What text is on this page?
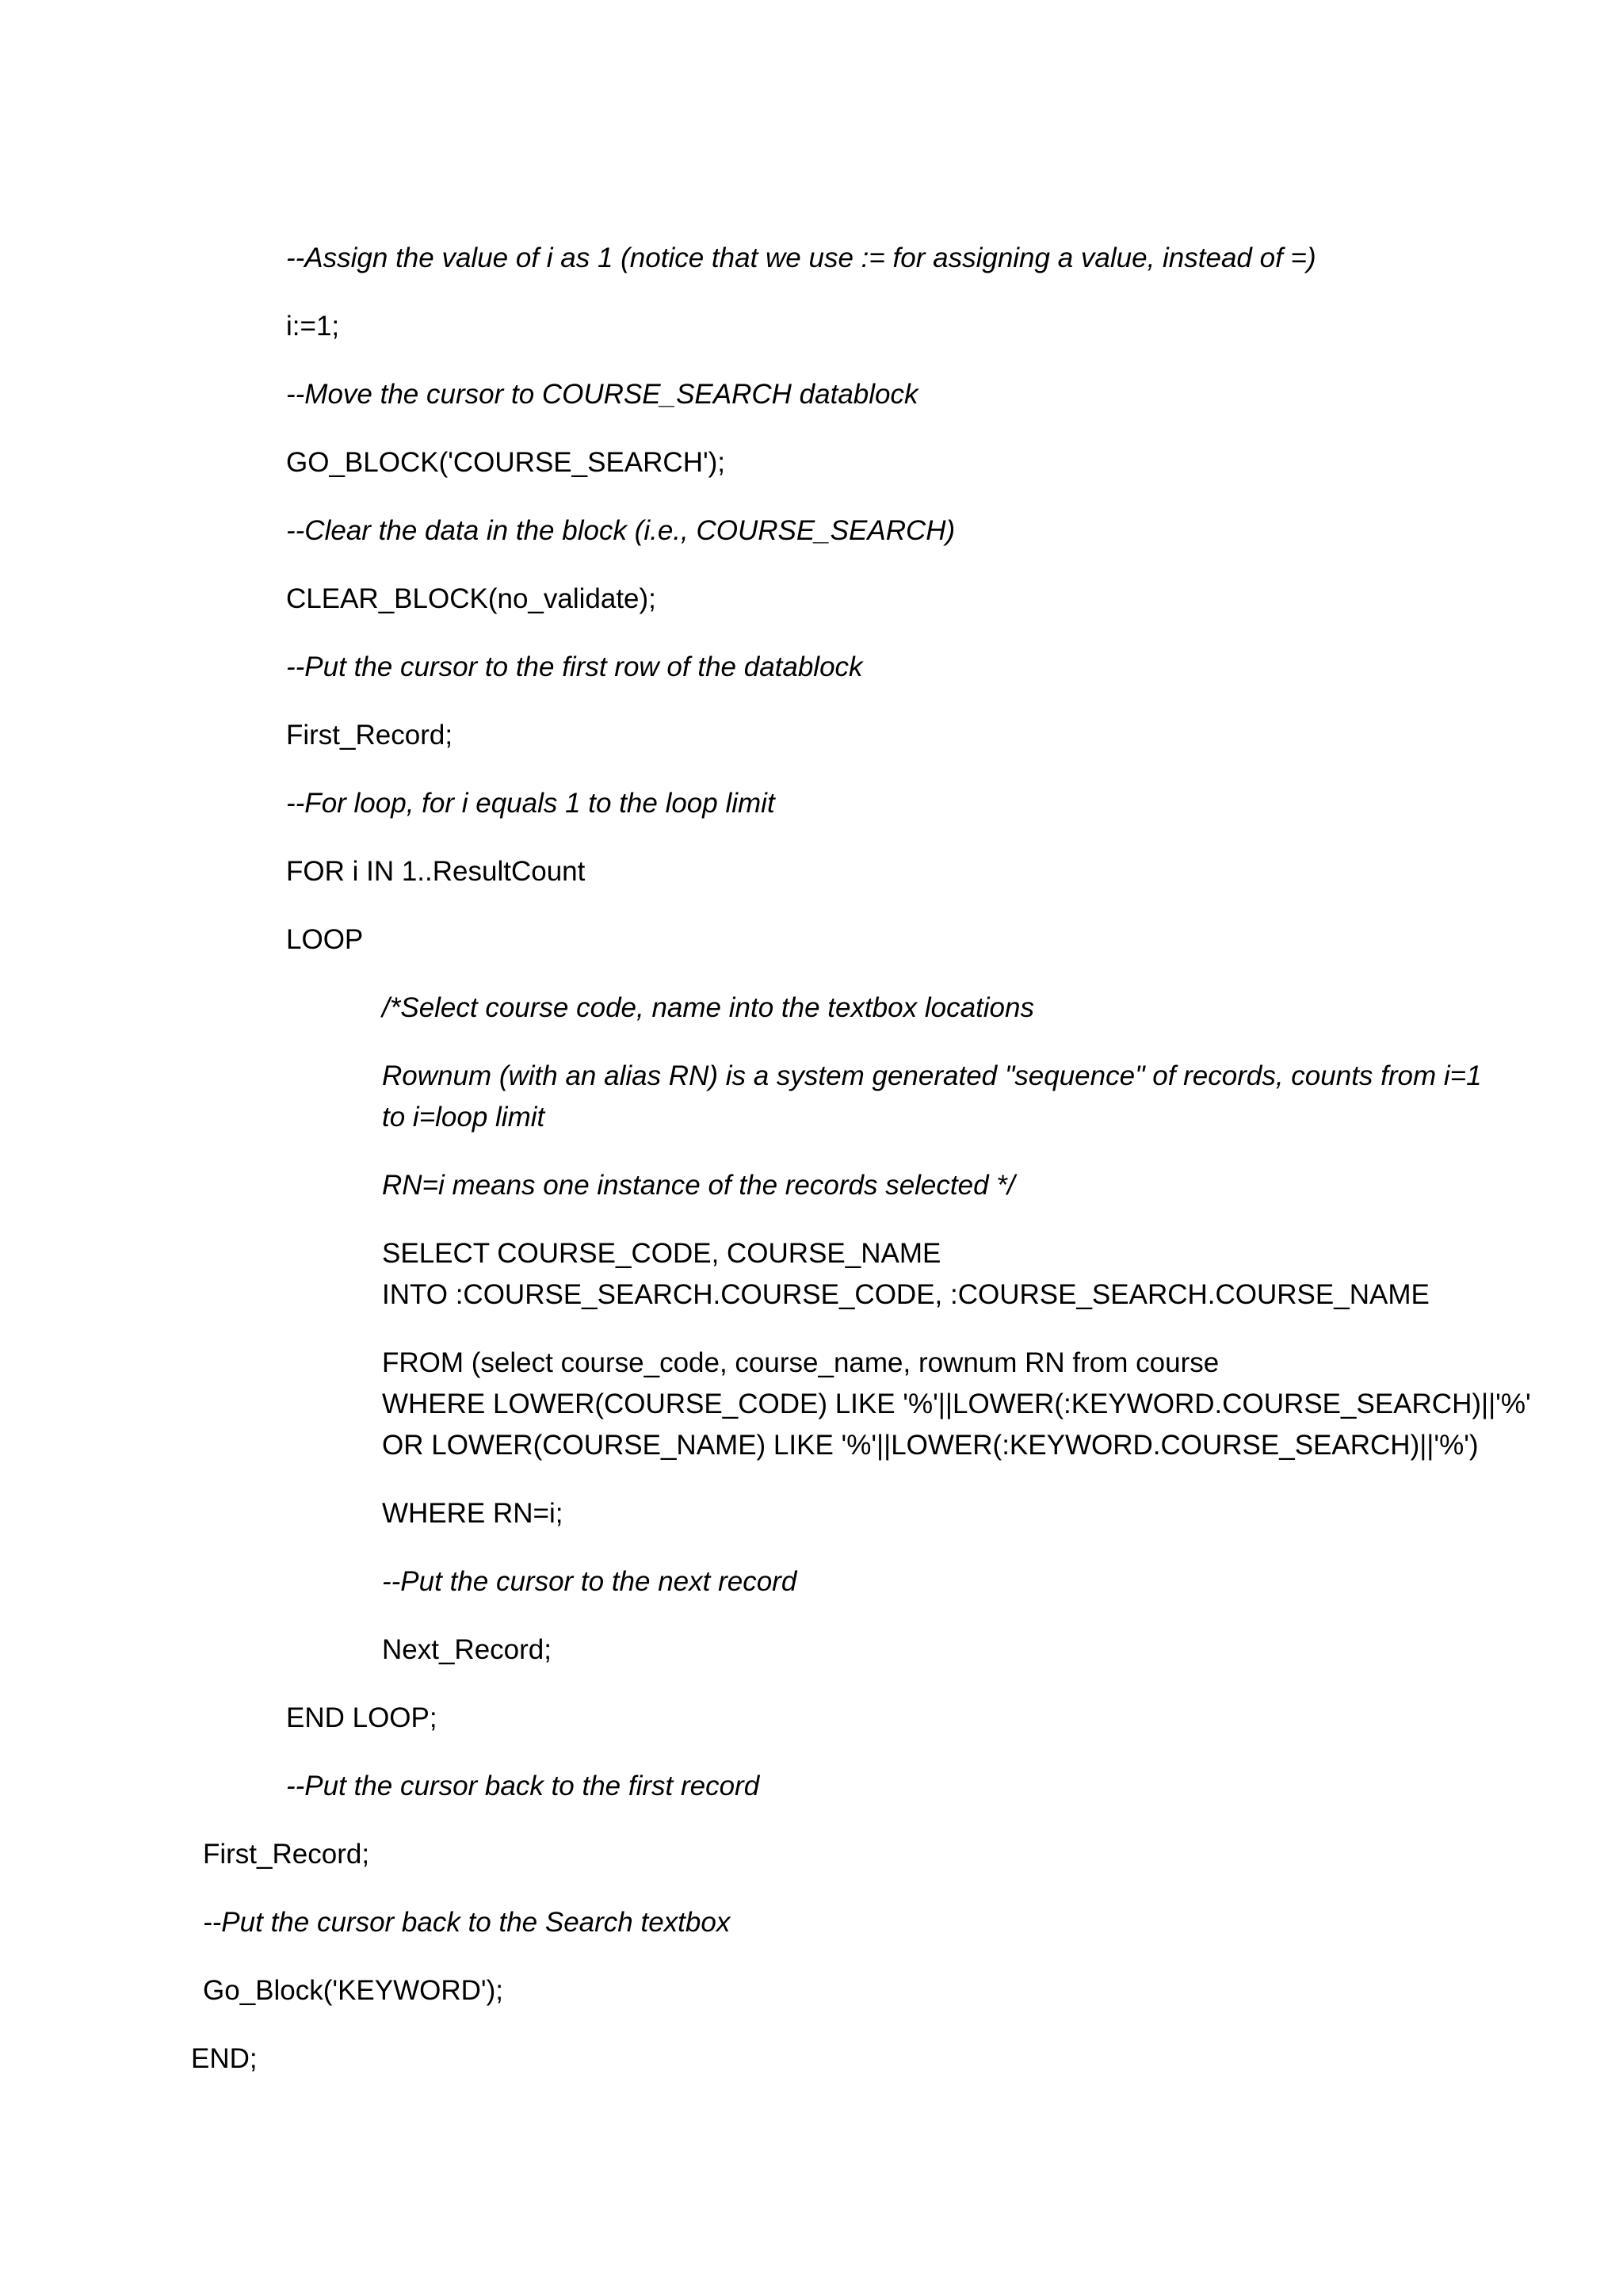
--Assign the value of i as 1 (notice that we use := for assigning a value, instead of =)

i:=1;

--Move the cursor to COURSE_SEARCH datablock

GO_BLOCK('COURSE_SEARCH');

--Clear the data in the block (i.e., COURSE_SEARCH)

CLEAR_BLOCK(no_validate);

--Put the cursor to the first row of the datablock

First_Record;

--For loop, for i equals 1 to the loop limit

FOR i IN 1..ResultCount

LOOP

/*Select course code, name into the textbox locations

Rownum (with an alias RN) is a system generated "sequence" of records, counts from i=1

to i=loop limit

RN=i means one instance of the records selected */

SELECT COURSE_CODE, COURSE_NAME

INTO :COURSE_SEARCH.COURSE_CODE, :COURSE_SEARCH.COURSE_NAME

FROM (select course_code, course_name, rownum RN from course

WHERE LOWER(COURSE_CODE) LIKE '%'||LOWER(:KEYWORD.COURSE_SEARCH)||'%'

OR LOWER(COURSE_NAME) LIKE '%'||LOWER(:KEYWORD.COURSE_SEARCH)||'%')

WHERE RN=i;

--Put the cursor to the next record

Next_Record;

END LOOP;

--Put the cursor back to the first record

First_Record;

--Put the cursor back to the Search textbox

Go_Block('KEYWORD');

END;
